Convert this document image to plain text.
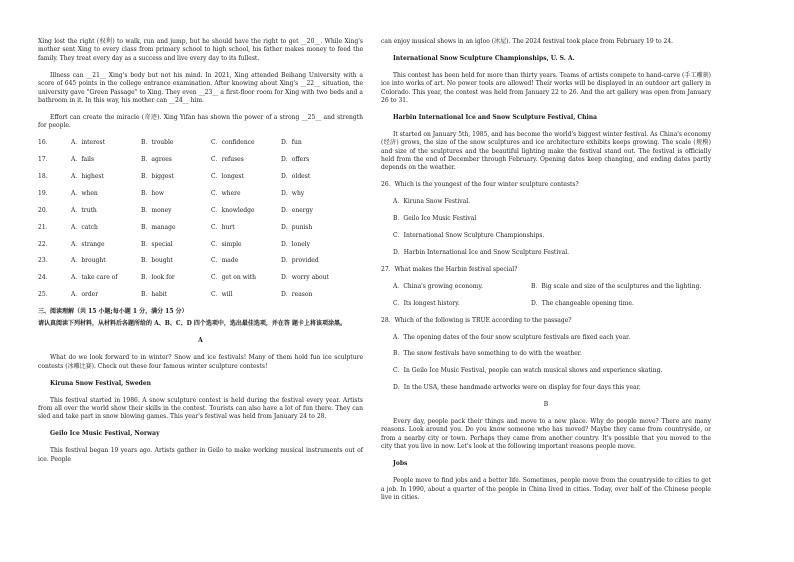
Xing lost the right (权利) to walk, run and jump, but he should have the right to get __20__. While Xing's mother sent Xing to every class from primary school to high school, his father makes money to feed the family. They treat every day as a success and live every day to its fullest.

Illness can __21__ Xing's body but not his mind. In 2021, Xing attended Beihang University with a score of 645 points in the college entrance examination. After knowing about Xing's __22__ situation, the university gave "Green Passage" to Xing. They even __23__ a first-floor room for Xing with two beds and a bathroom in it. In this way, his mother can __24__ him.

Effort can create the miracle (奇迹). Xing Yifan has shown the power of a strong __25__ and strength for people.

16．	A．interest	B．trouble	C．confidence	D．fun
17．	A．fails	B．agrees	C．refuses	D．offers
18．	A．highest	B．biggest	C．longest	D．oldest
19．	A．when	B．how	C．where	D．why
20．	A．truth	B．money	C．knowledge	D．energy
21．	A．catch	B．manage	C．hurt	D．punish
22．	A．strange	B．special	C．simple	D．lonely
23．	A．brought	B．bought	C．made	D．provided
24．	A．take care of	B．look for	C．get on with	D．worry about
25．	A．order	B．habit	C．will	D．reason

三、阅读理解（共 15 小题;每小题 1 分，满分 15 分）

请认真阅读下列材料，从材料后各题所给的 A、B、C、D 四个选项中，选出最佳选项，并在答 题卡上将该项涂黑。

A

What do we look forward to in winter? Snow and ice festivals! Many of them hold fun ice sculpture contests (冰雕比赛). Check out these four famous winter sculpture contests!

Kiruna Snow Festival, Sweden

This festival started in 1986. A snow sculpture contest is held during the festival every year. Artists from all over the world show their skills in the contest. Tourists can also have a lot of fun there. They can sled and take part in snow blowing games. This year's festival was held from January 24 to 28.

Geilo Ice Music Festival, Norway

This festival began 19 years ago. Artists gather in Geilo to make working musical instruments out of ice. People

can enjoy musical shows in an igloo (冰屋). The 2024 festival took place from February 19 to 24.

International Snow Sculpture Championships, U. S. A.

This contest has been held for more than thirty years. Teams of artists compete to hand-carve (手工雕刻) ice into works of art. No power tools are allowed! Their works will be displayed in an outdoor art gallery in Colorado. This year, the contest was held from January 22 to 26. And the art gallery was open from January 26 to 31.

Harbin International Ice and Snow Sculpture Festival, China

It started on January 5th, 1985, and has become the world's biggest winter festival. As China's economy (经济) grows, the size of the snow sculptures and ice architecture exhibits keeps growing. The scale (规模) and size of the sculptures and the beautiful lighting make the festival stand out. The festival is officially held from the end of December through February. Opening dates keep changing, and ending dates partly depends on the weather.

26．Which is the youngest of the four winter sculpture contests?

A．Kiruna Snow Festival.

B．Geilo Ice Music Festival

C．International Snow Sculpture Championships.

D．Harbin International Ice and Snow Sculpture Festival.

27．What makes the Harbin festival special?

A．China's growing economy.	B．Big scale and size of the sculptures and the lighting.
C．Its longest history.	D．The changeable opening time.

28．Which of the following is TRUE according to the passage?

A．The opening dates of the four snow sculpture festivals are fixed each year.

B．The snow festivals have something to do with the weather.

C．In Geilo Ice Music Festival, people can watch musical shows and experience skating.

D．In the USA, these handmade artworks were on display for four days this year.

B

Every day, people pack their things and move to a new place. Why do people move? There are many reasons. Look around you. Do you know someone who has moved? Maybe they came from countryside, or from a nearby city or town. Perhaps they came from another country. It's possible that you moved to the city that you live in now. Let's look at the following important reasons people move.

Jobs

People move to find jobs and a better life. Sometimes, people move from the countryside to cities to get a job. In 1990, about a quarter of the people in China lived in cities. Today, over half of the Chinese people live in cities.
